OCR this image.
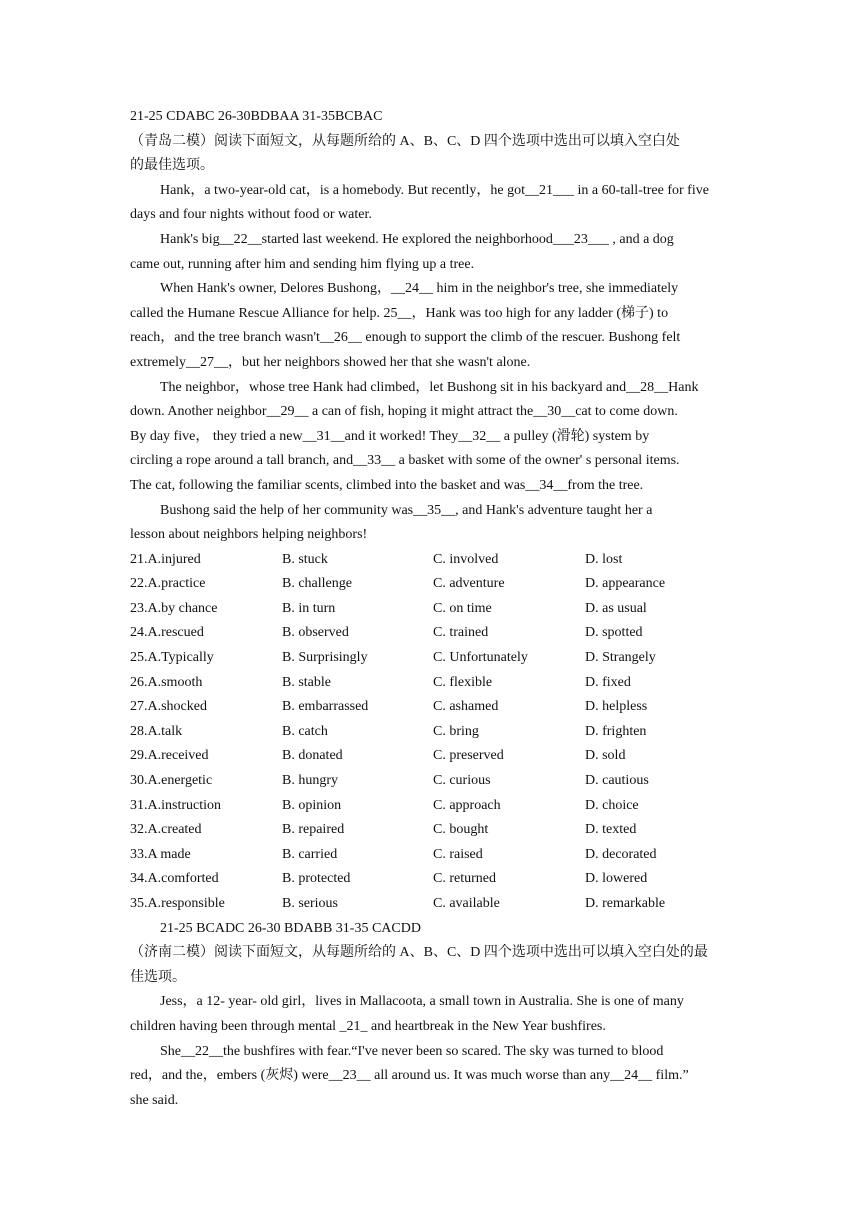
21-25 CDABC 26-30BDBAA 31-35BCBAC

（青岛二模）阅读下面短文，从每题所给的 A、B、C、D 四个选项中选出可以填入空白处

的最佳选项。

Hank，a two-year-old cat，is a homebody. But recently，he got__21___ in a 60-tall-tree for five

days and four nights without food or water.

Hank's big__22__started last weekend. He explored the neighborhood___23___ , and a dog

came out, running after him and sending him flying up a tree.

When Hank's owner, Delores Bushong，__24__ him in the neighbor's tree, she immediately

called the Humane Rescue Alliance for help. 25__，Hank was too high for any ladder (梯子) to

reach，and the tree branch wasn't__26__ enough to support the climb of the rescuer. Bushong felt

extremely__27__，but her neighbors showed her that she wasn't alone.

The neighbor，whose tree Hank had climbed，let Bushong sit in his backyard and__28__Hank

down. Another neighbor__29__ a can of fish, hoping it might attract the__30__cat to come down.

By day five， they tried a new__31__and it worked! They__32__ a pulley (滑轮) system by

circling a rope around a tall branch, and__33__ a basket with some of the owner' s personal items.

The cat, following the familiar scents, climbed into the basket and was__34__from the tree.

Bushong said the help of her community was__35__, and Hank's adventure taught her a

lesson about neighbors helping neighbors!

21.A.injured	B. stuck	C. involved	D. lost
22.A.practice	B. challenge	C. adventure	D. appearance
23.A.by chance	B. in turn	C. on time	D. as usual
24.A.rescued	B. observed	C. trained	D. spotted
25.A.Typically	B. Surprisingly	C. Unfortunately	D. Strangely
26.A.smooth	B. stable	C. flexible	D. fixed
27.A.shocked	B. embarrassed	C. ashamed	D. helpless
28.A.talk	B. catch	C. bring	D. frighten
29.A.received	B. donated	C. preserved	D. sold
30.A.energetic	B. hungry	C. curious	D. cautious
31.A.instruction	B. opinion	C. approach	D. choice
32.A.created	B. repaired	C. bought	D. texted
33.A made	B. carried	C. raised	D. decorated
34.A.comforted	B. protected	C. returned	D. lowered
35.A.responsible	B. serious	C. available	D. remarkable

21-25 BCADC 26-30 BDABB 31-35 CACDD

（济南二模）阅读下面短文，从每题所给的 A、B、C、D 四个选项中选出可以填入空白处的最

佳选项。

Jess，a 12- year- old girl，lives in Mallacoota, a small town in Australia. She is one of many

children having been through mental _21_ and heartbreak in the New Year bushfires.

She__22__the bushfires with fear.“I've never been so scared. The sky was turned to blood

red，and the，embers (灰烬) were__23__ all around us. It was much worse than any__24__ film.”

she said.
